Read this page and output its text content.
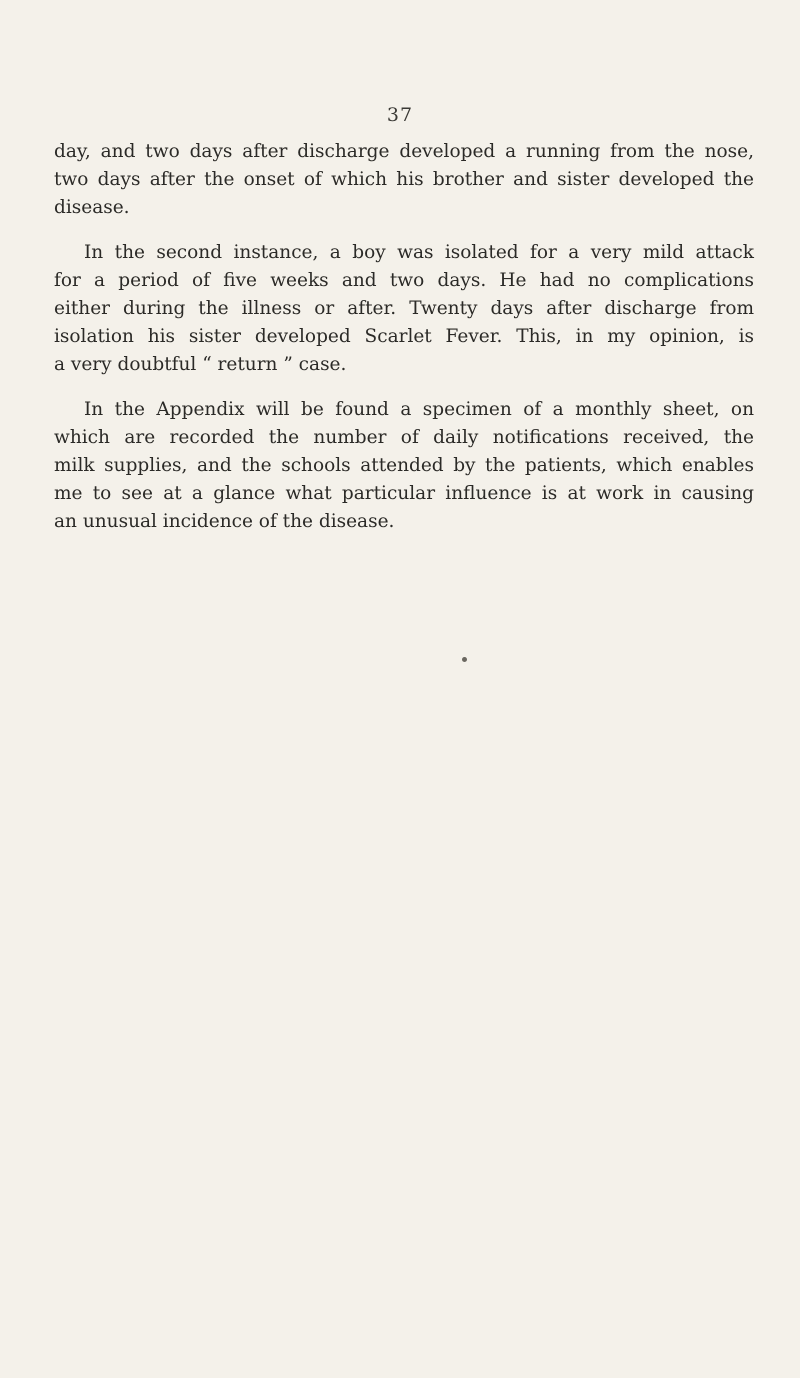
37

day, and two days after discharge developed a running from the nose,
two days after the onset of which his brother and sister developed the
disease.

In the second instance, a boy was isolated for a very mild attack
for a period of five weeks and two days. He had no complications
either during the illness or after. Twenty days after discharge from
isolation his sister developed Scarlet Fever. This, in my opinion, is
a very doubtful “ return ” case.

In the Appendix will be found a specimen of a monthly sheet, on
which are recorded the number of daily notifications received, the
milk supplies, and the schools attended by the patients, which enables
me to see at a glance what particular influence is at work in causing
an unusual incidence of the disease.
